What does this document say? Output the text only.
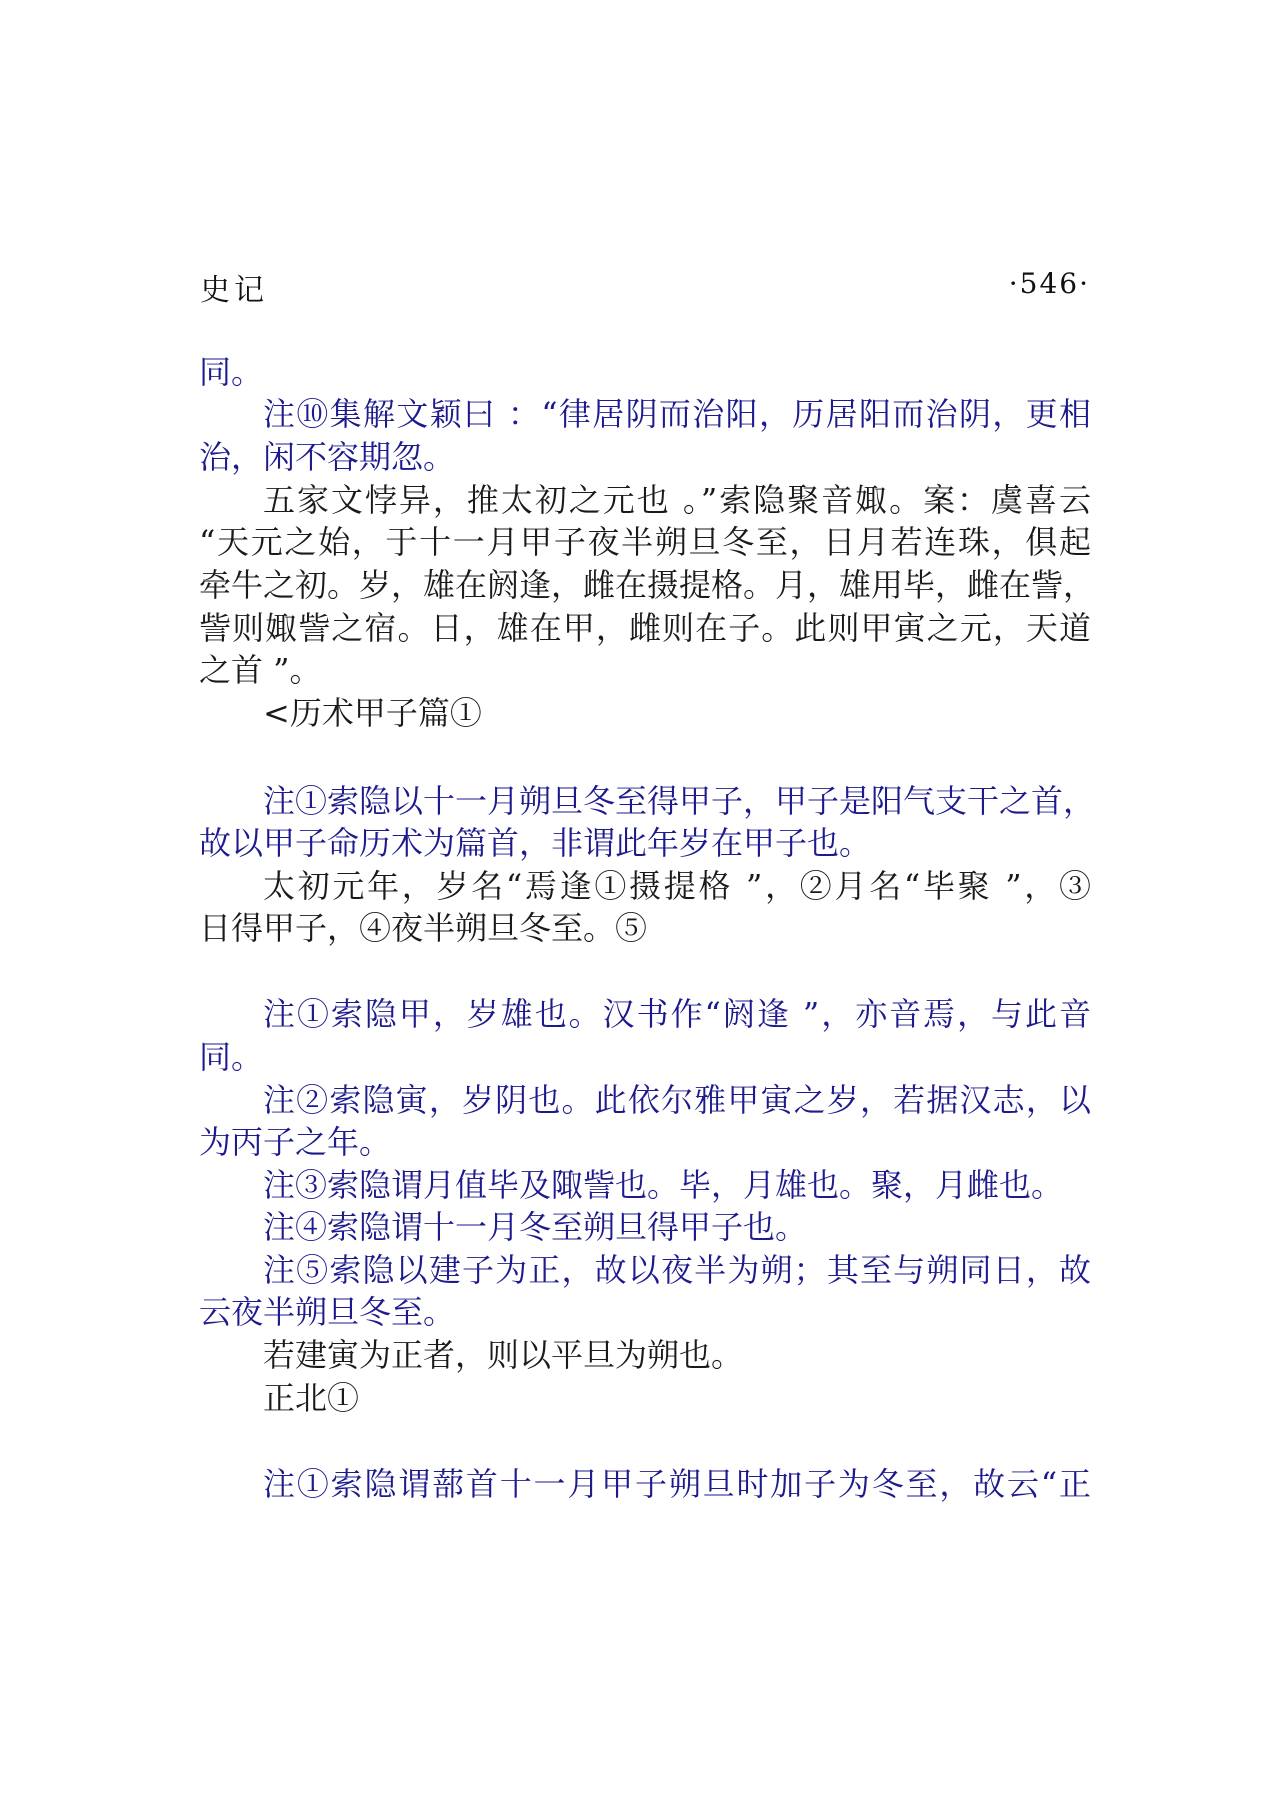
史记	·546·
同。
注⑩集解文颖曰 ：“律居阴而治阳，历居阳而治阴，更相
治，闲不容期忽。
五家文悖异，推太初之元也 。”索隐聚音娵。案：虞喜云
“天元之始，于十一月甲子夜半朔旦冬至，日月若连珠，俱起
牵牛之初。岁，雄在阏逢，雌在摄提格。月，雄用毕，雌在訾，
訾则娵訾之宿。日，雄在甲，雌则在子。此则甲寅之元，天道
之首 ”。
<历术甲子篇①
注①索隐以十一月朔旦冬至得甲子，甲子是阳气支干之首，
故以甲子命历术为篇首，非谓此年岁在甲子也。
太初元年，岁名“焉逢①摄提格 ”，②月名“毕聚 ”，③
日得甲子，④夜半朔旦冬至。⑤
注①索隐甲，岁雄也。汉书作“阏逢 ”，亦音焉，与此音
同。
注②索隐寅，岁阴也。此依尔雅甲寅之岁，若据汉志，以
为丙子之年。
注③索隐谓月值毕及陬訾也。毕，月雄也。聚，月雌也。
注④索隐谓十一月冬至朔旦得甲子也。
注⑤索隐以建子为正，故以夜半为朔；其至与朔同日，故
云夜半朔旦冬至。
若建寅为正者，则以平旦为朔也。
正北①
注①索隐谓蔀首十一月甲子朔旦时加子为冬至，故云“正
